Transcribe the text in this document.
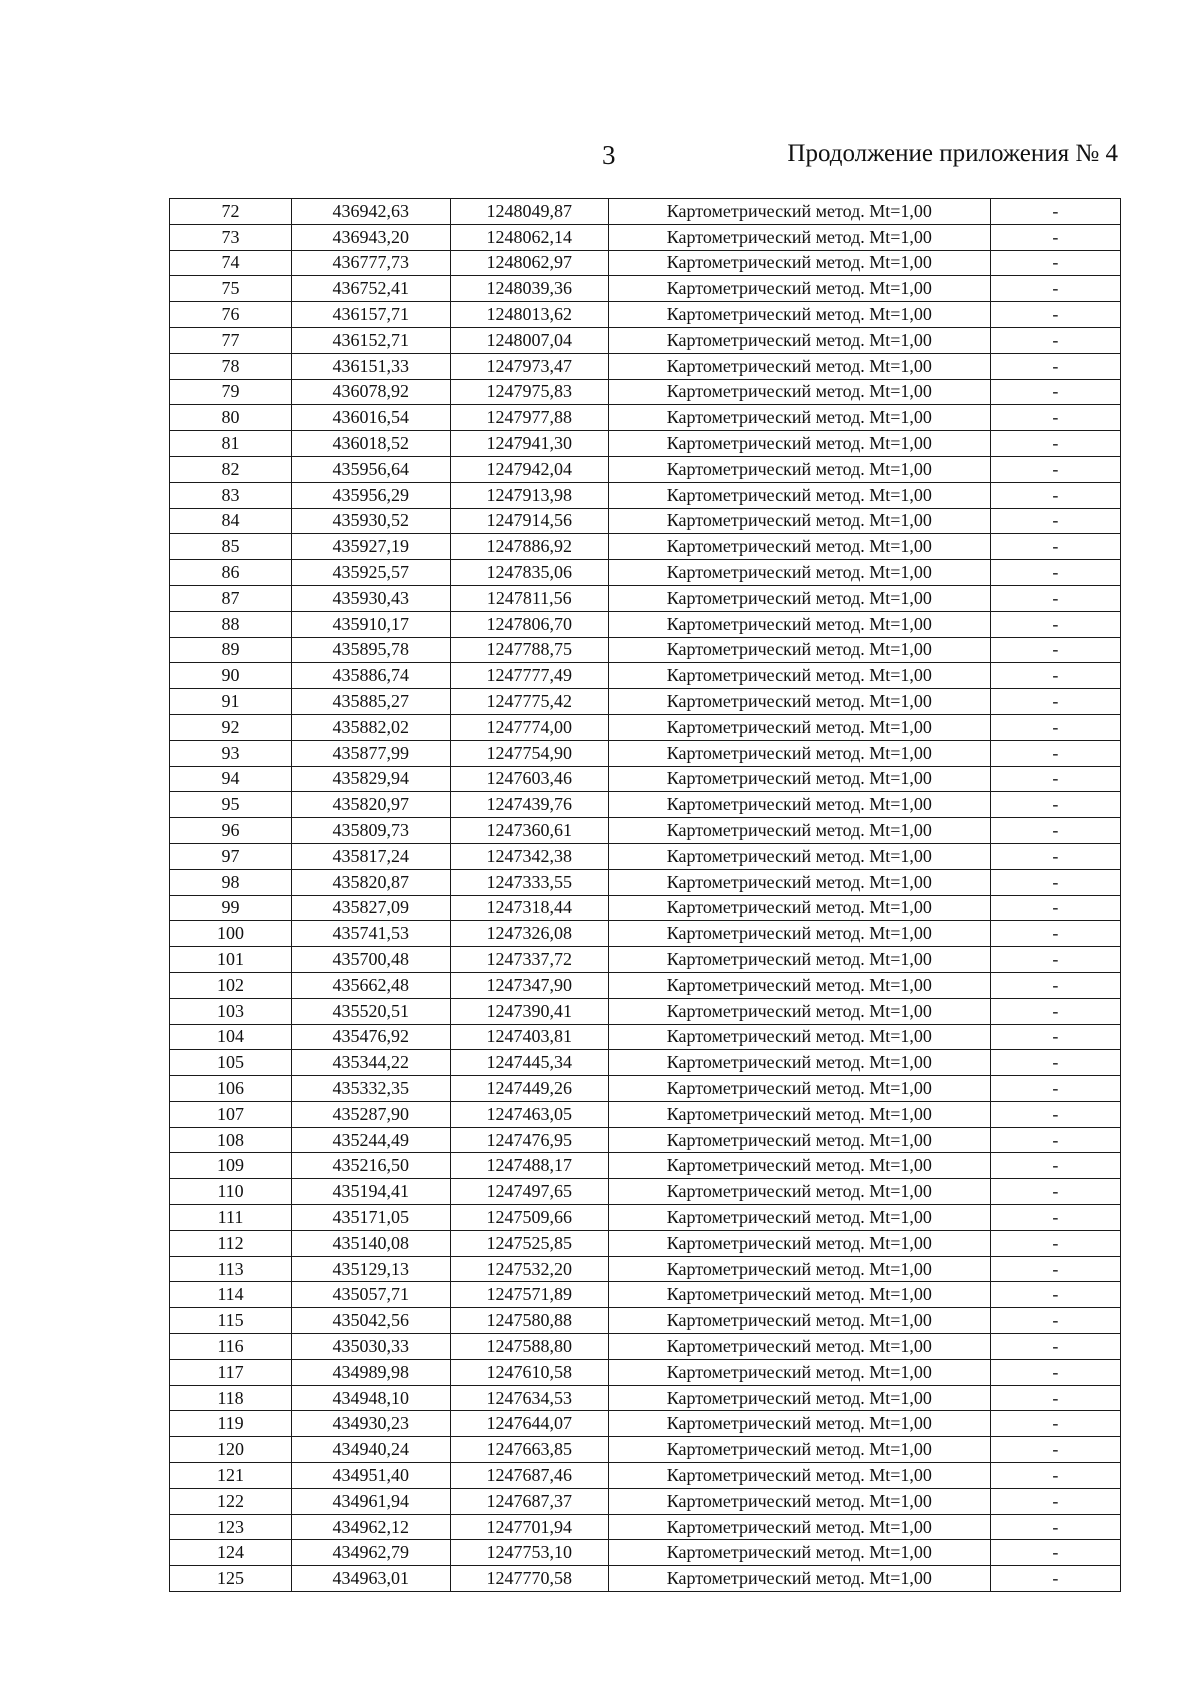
3	Продолжение приложения № 4
72	436942,63	1248049,87	Картометрический метод. Mt=1,00	-
73	436943,20	1248062,14	Картометрический метод. Mt=1,00	-
74	436777,73	1248062,97	Картометрический метод. Mt=1,00	-
75	436752,41	1248039,36	Картометрический метод. Mt=1,00	-
76	436157,71	1248013,62	Картометрический метод. Mt=1,00	-
77	436152,71	1248007,04	Картометрический метод. Mt=1,00	-
78	436151,33	1247973,47	Картометрический метод. Mt=1,00	-
79	436078,92	1247975,83	Картометрический метод. Mt=1,00	-
80	436016,54	1247977,88	Картометрический метод. Mt=1,00	-
81	436018,52	1247941,30	Картометрический метод. Mt=1,00	-
82	435956,64	1247942,04	Картометрический метод. Mt=1,00	-
83	435956,29	1247913,98	Картометрический метод. Mt=1,00	-
84	435930,52	1247914,56	Картометрический метод. Mt=1,00	-
85	435927,19	1247886,92	Картометрический метод. Mt=1,00	-
86	435925,57	1247835,06	Картометрический метод. Mt=1,00	-
87	435930,43	1247811,56	Картометрический метод. Mt=1,00	-
88	435910,17	1247806,70	Картометрический метод. Mt=1,00	-
89	435895,78	1247788,75	Картометрический метод. Mt=1,00	-
90	435886,74	1247777,49	Картометрический метод. Mt=1,00	-
91	435885,27	1247775,42	Картометрический метод. Mt=1,00	-
92	435882,02	1247774,00	Картометрический метод. Mt=1,00	-
93	435877,99	1247754,90	Картометрический метод. Mt=1,00	-
94	435829,94	1247603,46	Картометрический метод. Mt=1,00	-
95	435820,97	1247439,76	Картометрический метод. Mt=1,00	-
96	435809,73	1247360,61	Картометрический метод. Mt=1,00	-
97	435817,24	1247342,38	Картометрический метод. Mt=1,00	-
98	435820,87	1247333,55	Картометрический метод. Mt=1,00	-
99	435827,09	1247318,44	Картометрический метод. Mt=1,00	-
100	435741,53	1247326,08	Картометрический метод. Mt=1,00	-
101	435700,48	1247337,72	Картометрический метод. Mt=1,00	-
102	435662,48	1247347,90	Картометрический метод. Mt=1,00	-
103	435520,51	1247390,41	Картометрический метод. Mt=1,00	-
104	435476,92	1247403,81	Картометрический метод. Mt=1,00	-
105	435344,22	1247445,34	Картометрический метод. Mt=1,00	-
106	435332,35	1247449,26	Картометрический метод. Mt=1,00	-
107	435287,90	1247463,05	Картометрический метод. Mt=1,00	-
108	435244,49	1247476,95	Картометрический метод. Mt=1,00	-
109	435216,50	1247488,17	Картометрический метод. Mt=1,00	-
110	435194,41	1247497,65	Картометрический метод. Mt=1,00	-
111	435171,05	1247509,66	Картометрический метод. Mt=1,00	-
112	435140,08	1247525,85	Картометрический метод. Mt=1,00	-
113	435129,13	1247532,20	Картометрический метод. Mt=1,00	-
114	435057,71	1247571,89	Картометрический метод. Mt=1,00	-
115	435042,56	1247580,88	Картометрический метод. Mt=1,00	-
116	435030,33	1247588,80	Картометрический метод. Mt=1,00	-
117	434989,98	1247610,58	Картометрический метод. Mt=1,00	-
118	434948,10	1247634,53	Картометрический метод. Mt=1,00	-
119	434930,23	1247644,07	Картометрический метод. Mt=1,00	-
120	434940,24	1247663,85	Картометрический метод. Mt=1,00	-
121	434951,40	1247687,46	Картометрический метод. Mt=1,00	-
122	434961,94	1247687,37	Картометрический метод. Mt=1,00	-
123	434962,12	1247701,94	Картометрический метод. Mt=1,00	-
124	434962,79	1247753,10	Картометрический метод. Mt=1,00	-
125	434963,01	1247770,58	Картометрический метод. Mt=1,00	-
